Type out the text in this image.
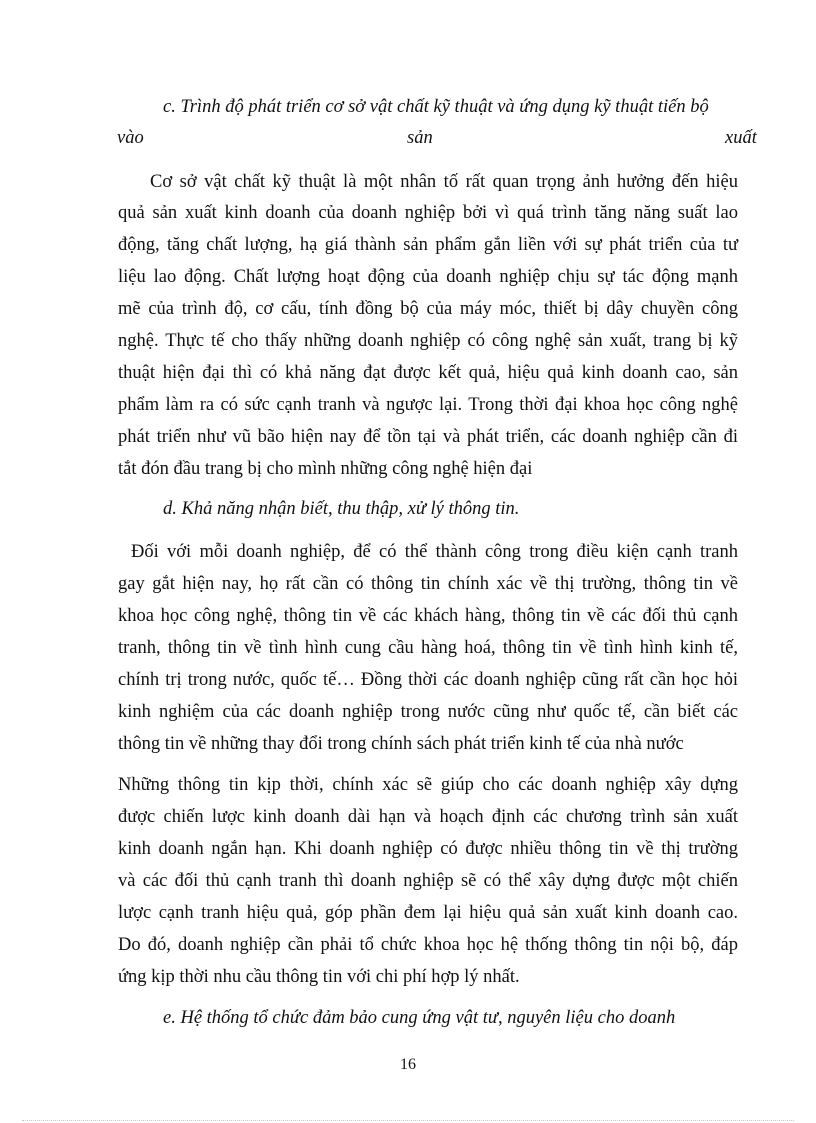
c. Trình độ phát triển cơ sở vật chất kỹ thuật và ứng dụng kỹ thuật tiến bộ
vào	sản	xuất
Cơ sở vật chất kỹ thuật là một nhân tố rất quan trọng ảnh hưởng đến hiệu
quả sản xuất kinh doanh của doanh nghiệp bởi vì quá trình tăng năng suất lao
động, tăng chất lượng, hạ giá thành sản phẩm gắn liền với sự phát triển của tư
liệu lao động. Chất lượng hoạt động của doanh nghiệp chịu sự tác động mạnh
mẽ của trình độ, cơ cấu, tính đồng bộ của máy móc, thiết bị dây chuyền công
nghệ. Thực tế cho thấy những doanh nghiệp có công nghệ sản xuất, trang bị kỹ
thuật hiện đại thì có khả năng đạt được kết quả, hiệu quả kinh doanh cao, sản
phẩm làm ra có sức cạnh tranh và ngược lại. Trong thời đại khoa học công nghệ
phát triển như vũ bão hiện nay để tồn tại và phát triển, các doanh nghiệp cần đi
tắt đón đầu trang bị cho mình những công nghệ hiện đại
d. Khả năng nhận biết, thu thập, xử lý thông tin.
Đối với mỗi doanh nghiệp, để có thể thành công trong điều kiện cạnh tranh
gay gắt hiện nay, họ rất cần có thông tin chính xác về thị trường, thông tin về
khoa học công nghệ, thông tin về các khách hàng, thông tin về các đối thủ cạnh
tranh, thông tin về tình hình cung cầu hàng hoá, thông tin về tình hình kinh tế,
chính trị trong nước, quốc tế… Đồng thời các doanh nghiệp cũng rất cần học hỏi
kinh nghiệm của các doanh nghiệp trong nước cũng như quốc tế, cần biết các
thông tin về những thay đổi trong chính sách phát triển kinh tế của nhà nước
Những thông tin kịp thời, chính xác sẽ giúp cho các doanh nghiệp xây dựng
được chiến lược kinh doanh dài hạn và hoạch định các chương trình sản xuất
kinh doanh ngắn hạn. Khi doanh nghiệp có được nhiều thông tin về thị trường
và các đối thủ cạnh tranh thì doanh nghiệp sẽ có thể xây dựng được một chiến
lược cạnh tranh hiệu quả, góp phần đem lại hiệu quả sản xuất kinh doanh cao.
Do đó, doanh nghiệp cần phải tổ chức khoa học hệ thống thông tin nội bộ, đáp
ứng kịp thời nhu cầu thông tin với chi phí hợp lý nhất.
e. Hệ thống tổ chức đảm bảo cung ứng vật tư, nguyên liệu cho doanh
16
